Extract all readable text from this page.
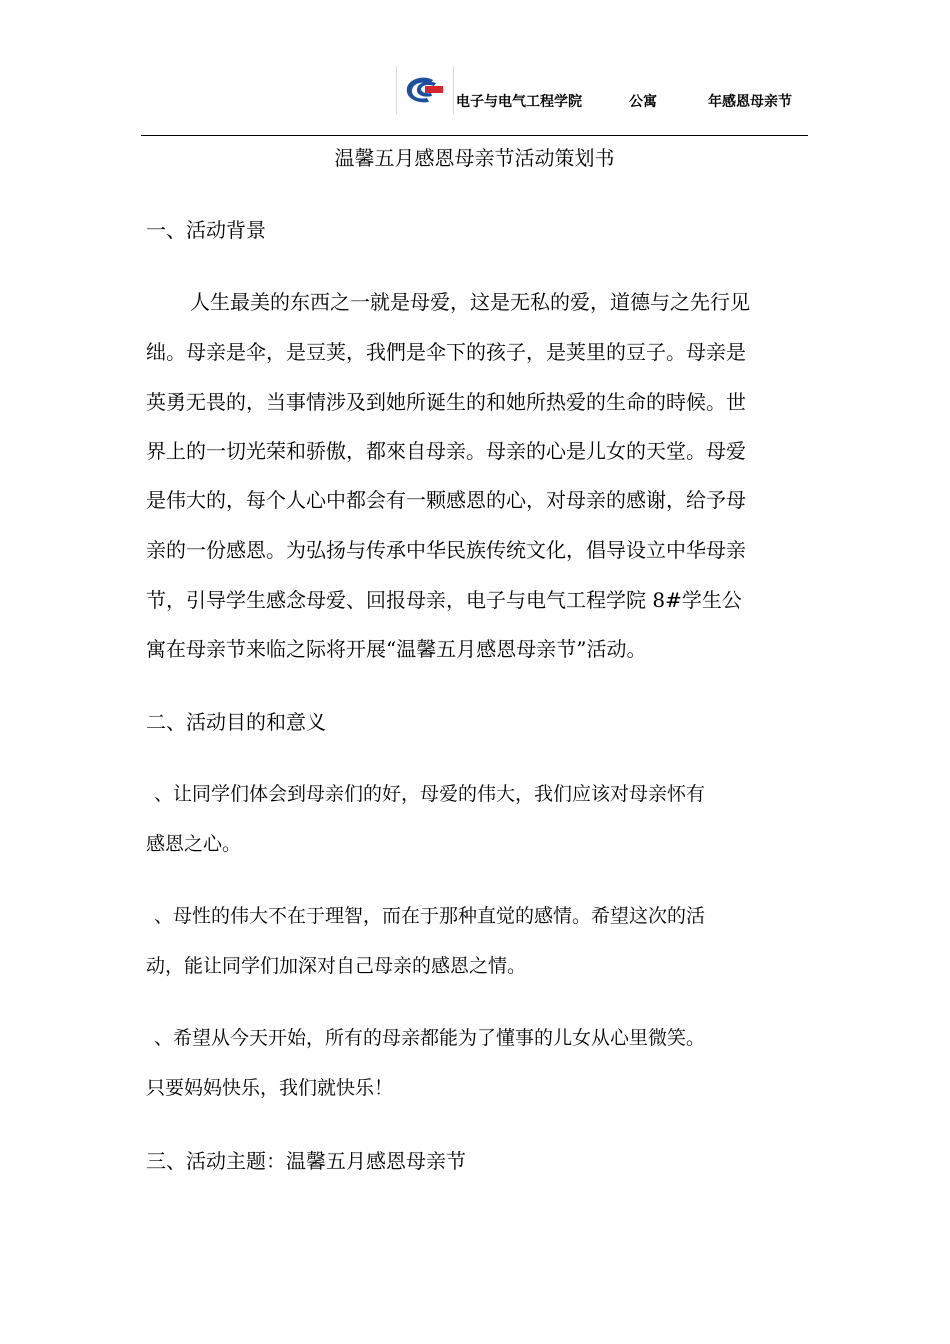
电子与电气工程学院	公寓	年感恩母亲节
温馨五月感恩母亲节活动策划书
一、活动背景
人生最美的东西之一就是母爱，这是无私的爱，道德与之先行见
绌。母亲是伞，是豆荚，我們是伞下的孩子，是荚里的豆子。母亲是
英勇无畏的，当事情涉及到她所诞生的和她所热爱的生命的時候。世
界上的一切光荣和骄傲，都來自母亲。母亲的心是儿女的天堂。母爱
是伟大的，每个人心中都会有一颗感恩的心，对母亲的感谢，给予母
亲的一份感恩。为弘扬与传承中华民族传统文化，倡导设立中华母亲
节，引导学生感念母爱、回报母亲，电子与电气工程学院 8#学生公
寓在母亲节来临之际将开展“温馨五月感恩母亲节”活动。
二、活动目的和意义
、让同学们体会到母亲们的好，母爱的伟大，我们应该对母亲怀有
感恩之心。
、母性的伟大不在于理智，而在于那种直觉的感情。希望这次的活
动，能让同学们加深对自己母亲的感恩之情。
、希望从今天开始，所有的母亲都能为了懂事的儿女从心里微笑。
只要妈妈快乐，我们就快乐！
三、活动主题：温馨五月感恩母亲节
